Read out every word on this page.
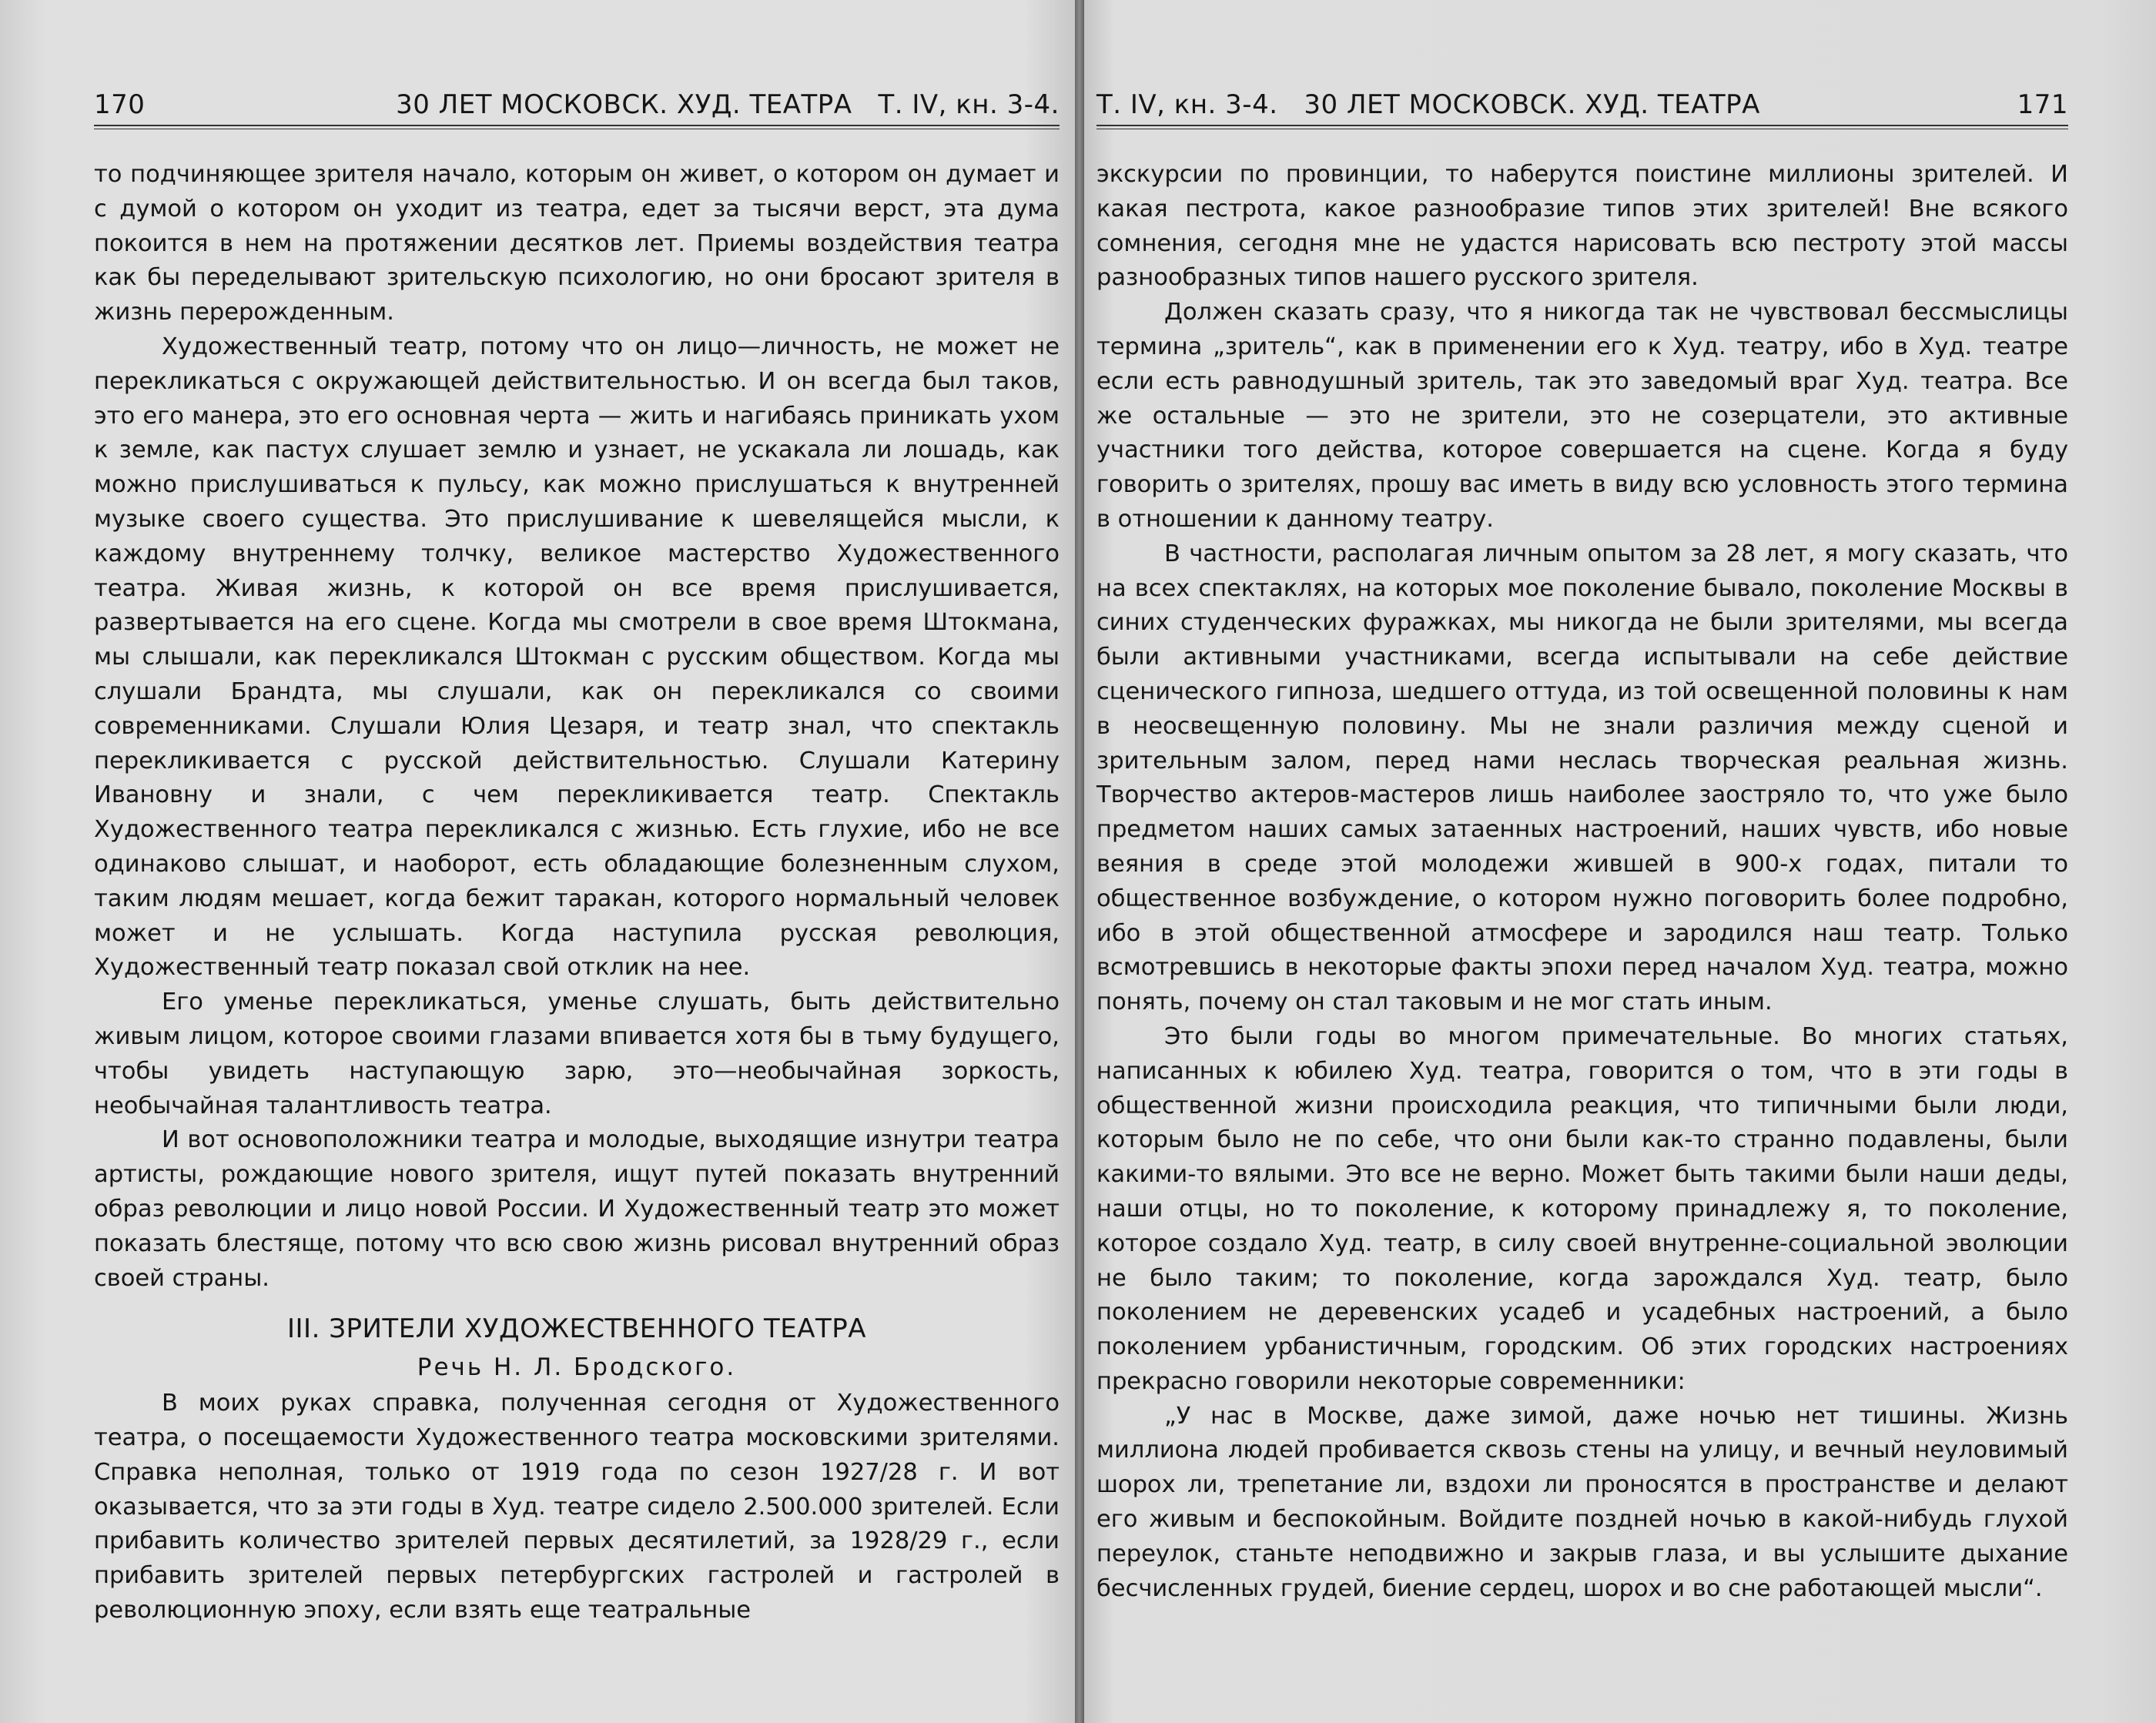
170	30 ЛЕТ МОСКОВСК. ХУД. ТЕАТРА   Т. IV, кн. 3-4.

то подчиняющее зрителя начало, которым он живет, о котором он думает и с думой о котором он уходит из театра, едет за тысячи верст, эта дума покоится в нем на протяжении десятков лет. Приемы воздействия театра как бы переделывают зрительскую психологию, но они бросают зрителя в жизнь перерожденным.

Художественный театр, потому что он лицо—личность, не может не перекликаться с окружающей действительностью. И он всегда был таков, это его манера, это его основная черта — жить и нагибаясь приникать ухом к земле, как пастух слушает землю и узнает, не ускакала ли лошадь, как можно прислушиваться к пульсу, как можно прислушаться к внутренней музыке своего существа. Это прислушивание к шевелящейся мысли, к каждому внутреннему толчку, великое мастерство Художественного театра. Живая жизнь, к которой он все время прислушивается, развертывается на его сцене. Когда мы смотрели в свое время Штокмана, мы слышали, как перекликался Штокман с русским обществом. Когда мы слушали Брандта, мы слушали, как он перекликался со своими современниками. Слушали Юлия Цезаря, и театр знал, что спектакль перекликивается с русской действительностью. Слушали Катерину Ивановну и знали, с чем перекликивается театр. Спектакль Художественного театра перекликался с жизнью. Есть глухие, ибо не все одинаково слышат, и наоборот, есть обладающие болезненным слухом, таким людям мешает, когда бежит таракан, которого нормальный человек может и не услышать. Когда наступила русская революция, Художественный театр показал свой отклик на нее.

Его уменье перекликаться, уменье слушать, быть действительно живым лицом, которое своими глазами впивается хотя бы в тьму будущего, чтобы увидеть наступающую зарю, это—необычайная зоркость, необычайная талантливость театра.

И вот основоположники театра и молодые, выходящие изнутри театра артисты, рождающие нового зрителя, ищут путей показать внутренний образ революции и лицо новой России. И Художественный театр это может показать блестяще, потому что всю свою жизнь рисовал внутренний образ своей страны.

III. ЗРИТЕЛИ ХУДОЖЕСТВЕННОГО ТЕАТРА
Речь Н. Л. Бродского.

В моих руках справка, полученная сегодня от Художественного театра, о посещаемости Художественного театра московскими зрителями. Справка неполная, только от 1919 года по сезон 1927/28 г. И вот оказывается, что за эти годы в Худ. театре сидело 2.500.000 зрителей. Если прибавить количество зрителей первых десятилетий, за 1928/29 г., если прибавить зрителей первых петербургских гастролей и гастролей в революционную эпоху, если взять еще театральные

Т. IV, кн. 3-4.   30 ЛЕТ МОСКОВСК. ХУД. ТЕАТРА	171

экскурсии по провинции, то наберутся поистине миллионы зрителей. И какая пестрота, какое разнообразие типов этих зрителей! Вне всякого сомнения, сегодня мне не удастся нарисовать всю пестроту этой массы разнообразных типов нашего русского зрителя.

Должен сказать сразу, что я никогда так не чувствовал бессмыслицы термина „зритель“, как в применении его к Худ. театру, ибо в Худ. театре если есть равнодушный зритель, так это заведомый враг Худ. театра. Все же остальные — это не зрители, это не созерцатели, это активные участники того действа, которое совершается на сцене. Когда я буду говорить о зрителях, прошу вас иметь в виду всю условность этого термина в отношении к данному театру.

В частности, располагая личным опытом за 28 лет, я могу сказать, что на всех спектаклях, на которых мое поколение бывало, поколение Москвы в синих студенческих фуражках, мы никогда не были зрителями, мы всегда были активными участниками, всегда испытывали на себе действие сценического гипноза, шедшего оттуда, из той освещенной половины к нам в неосвещенную половину. Мы не знали различия между сценой и зрительным залом, перед нами неслась творческая реальная жизнь. Творчество актеров-мастеров лишь наиболее заостряло то, что уже было предметом наших самых затаенных настроений, наших чувств, ибо новые веяния в среде этой молодежи жившей в 900-х годах, питали то общественное возбуждение, о котором нужно поговорить более подробно, ибо в этой общественной атмосфере и зародился наш театр. Только всмотревшись в некоторые факты эпохи перед началом Худ. театра, можно понять, почему он стал таковым и не мог стать иным.

Это были годы во многом примечательные. Во многих статьях, написанных к юбилею Худ. театра, говорится о том, что в эти годы в общественной жизни происходила реакция, что типичными были люди, которым было не по себе, что они были как-то странно подавлены, были какими-то вялыми. Это все не верно. Может быть такими были наши деды, наши отцы, но то поколение, к которому принадлежу я, то поколение, которое создало Худ. театр, в силу своей внутренне-социальной эволюции не было таким; то поколение, когда зарождался Худ. театр, было поколением не деревенских усадеб и усадебных настроений, а было поколением урбанистичным, городским. Об этих городских настроениях прекрасно говорили некоторые современники:

„У нас в Москве, даже зимой, даже ночью нет тишины. Жизнь миллиона людей пробивается сквозь стены на улицу, и вечный неуловимый шорох ли, трепетание ли, вздохи ли проносятся в пространстве и делают его живым и беспокойным. Войдите поздней ночью в какой-нибудь глухой переулок, станьте неподвижно и закрыв глаза, и вы услышите дыхание бесчисленных грудей, биение сердец, шорох и во сне работающей мысли“.
